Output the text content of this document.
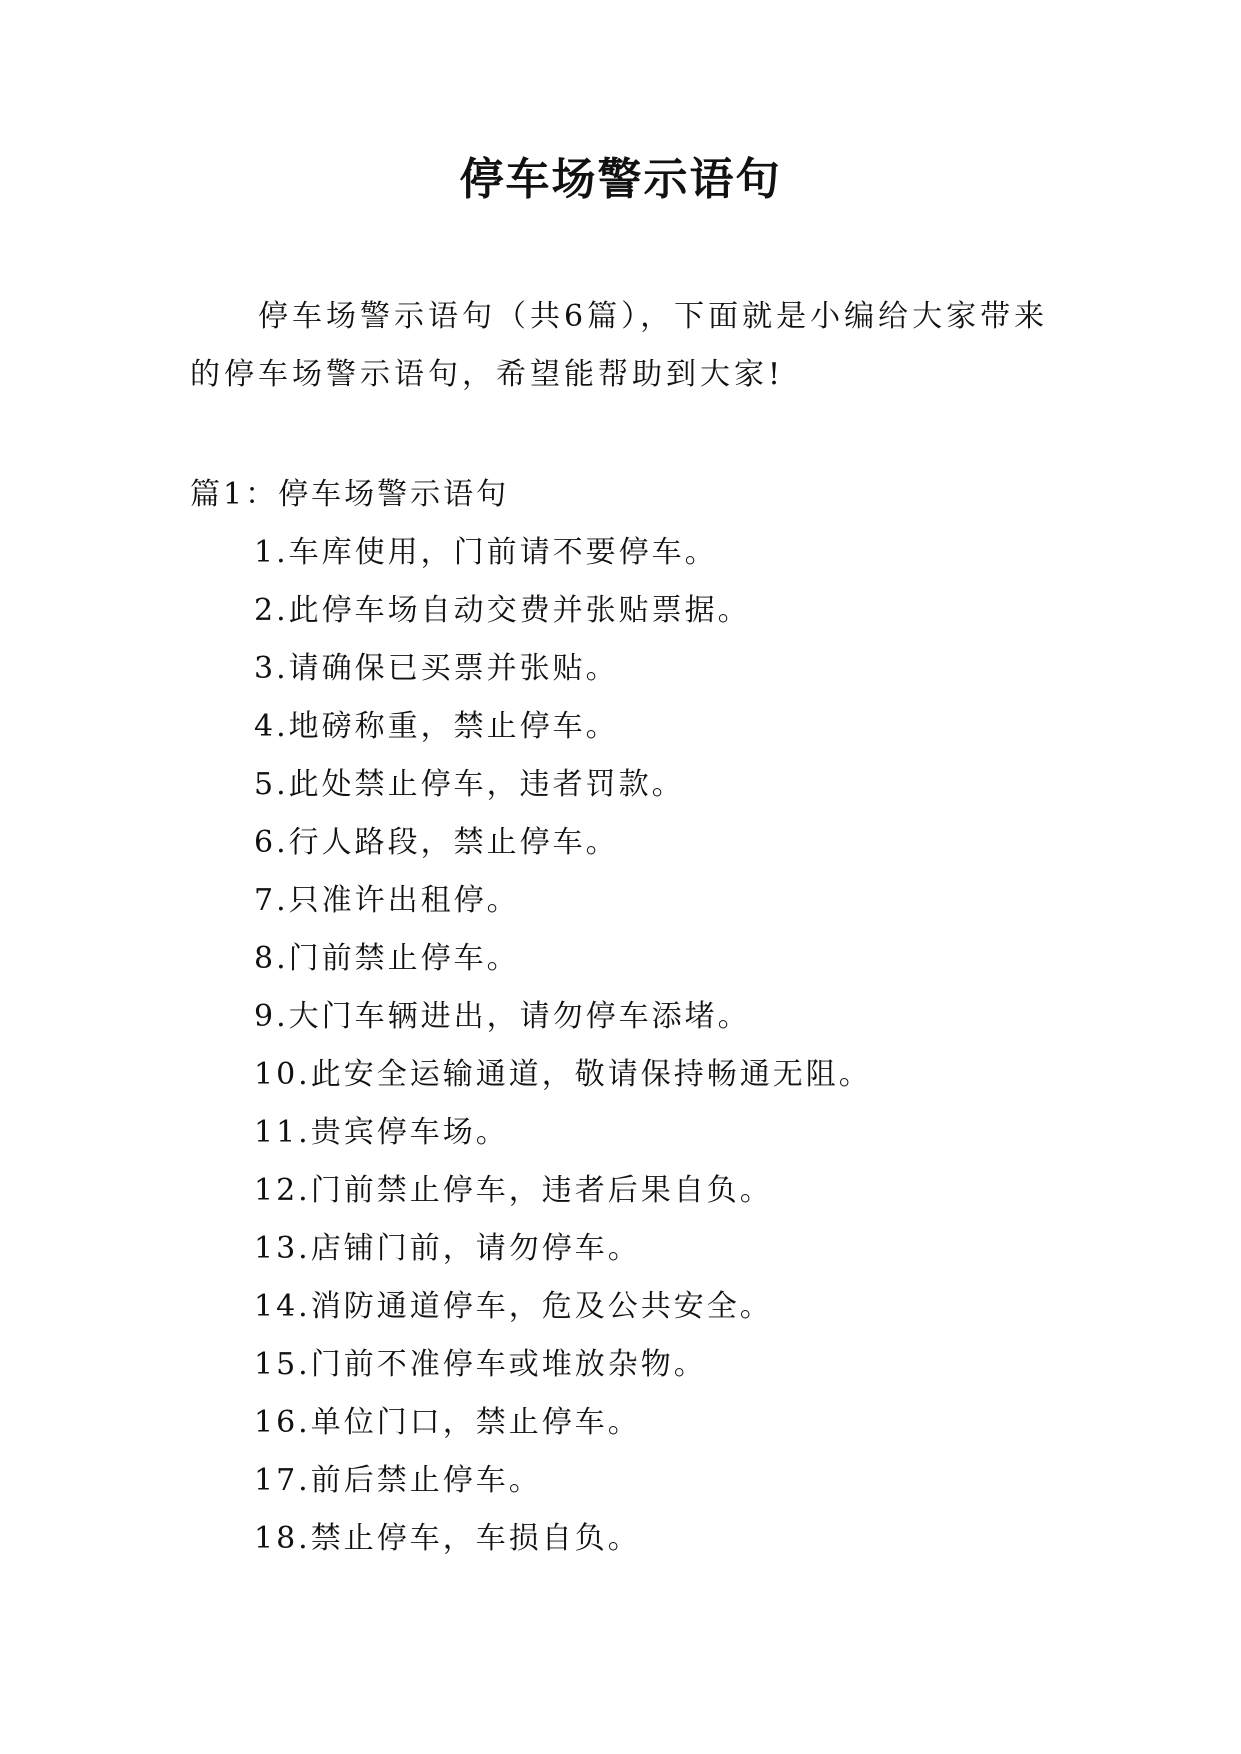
停车场警示语句

停车场警示语句（共6篇），下面就是小编给大家带来的停车场警示语句，希望能帮助到大家!

篇1：停车场警示语句
1.车库使用，门前请不要停车。
2.此停车场自动交费并张贴票据。
3.请确保已买票并张贴。
4.地磅称重，禁止停车。
5.此处禁止停车，违者罚款。
6.行人路段，禁止停车。
7.只准许出租停。
8.门前禁止停车。
9.大门车辆进出，请勿停车添堵。
10.此安全运输通道，敬请保持畅通无阻。
11.贵宾停车场。
12.门前禁止停车，违者后果自负。
13.店铺门前，请勿停车。
14.消防通道停车，危及公共安全。
15.门前不准停车或堆放杂物。
16.单位门口，禁止停车。
17.前后禁止停车。
18.禁止停车，车损自负。
